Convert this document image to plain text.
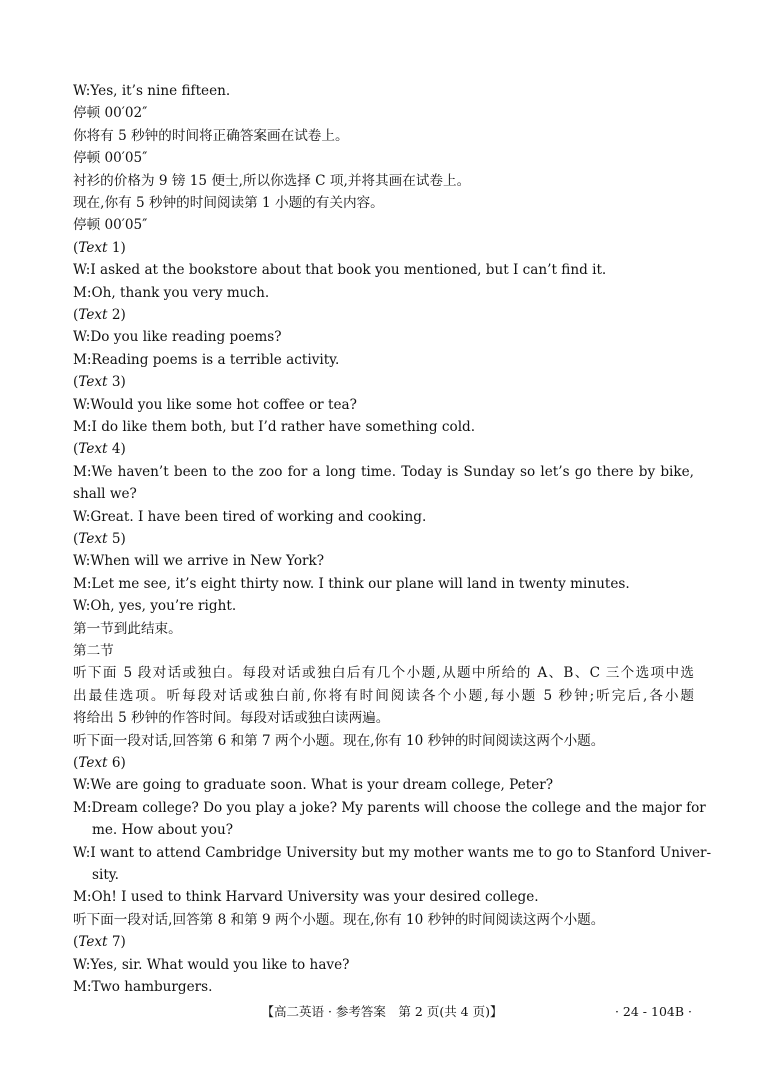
W:Yes, it’s nine fifteen.
停顿 00′02″
你将有 5 秒钟的时间将正确答案画在试卷上。
停顿 00′05″
衬衫的价格为 9 镑 15 便士,所以你选择 C 项,并将其画在试卷上。
现在,你有 5 秒钟的时间阅读第 1 小题的有关内容。
停顿 00′05″
(Text 1)
W:I asked at the bookstore about that book you mentioned, but I can’t find it.
M:Oh, thank you very much.
(Text 2)
W:Do you like reading poems?
M:Reading poems is a terrible activity.
(Text 3)
W:Would you like some hot coffee or tea?
M:I do like them both, but I’d rather have something cold.
(Text 4)
M:We haven’t been to the zoo for a long time. Today is Sunday so let’s go there by bike,
shall we?
W:Great. I have been tired of working and cooking.
(Text 5)
W:When will we arrive in New York?
M:Let me see, it’s eight thirty now. I think our plane will land in twenty minutes.
W:Oh, yes, you’re right.
第一节到此结束。
第二节
听下面 5 段对话或独白。每段对话或独白后有几个小题,从题中所给的 A、B、C 三个选项中选
出最佳选项。听每段对话或独白前,你将有时间阅读各个小题,每小题 5 秒钟;听完后,各小题
将给出 5 秒钟的作答时间。每段对话或独白读两遍。
听下面一段对话,回答第 6 和第 7 两个小题。现在,你有 10 秒钟的时间阅读这两个小题。
(Text 6)
W:We are going to graduate soon. What is your dream college, Peter?
M:Dream college? Do you play a joke? My parents will choose the college and the major for
me. How about you?
W:I want to attend Cambridge University but my mother wants me to go to Stanford Univer-
sity.
M:Oh! I used to think Harvard University was your desired college.
听下面一段对话,回答第 8 和第 9 两个小题。现在,你有 10 秒钟的时间阅读这两个小题。
(Text 7)
W:Yes, sir. What would you like to have?
M:Two hamburgers.
【高二英语 · 参考答案　第 2 页(共 4 页)】	· 24 - 104B ·
